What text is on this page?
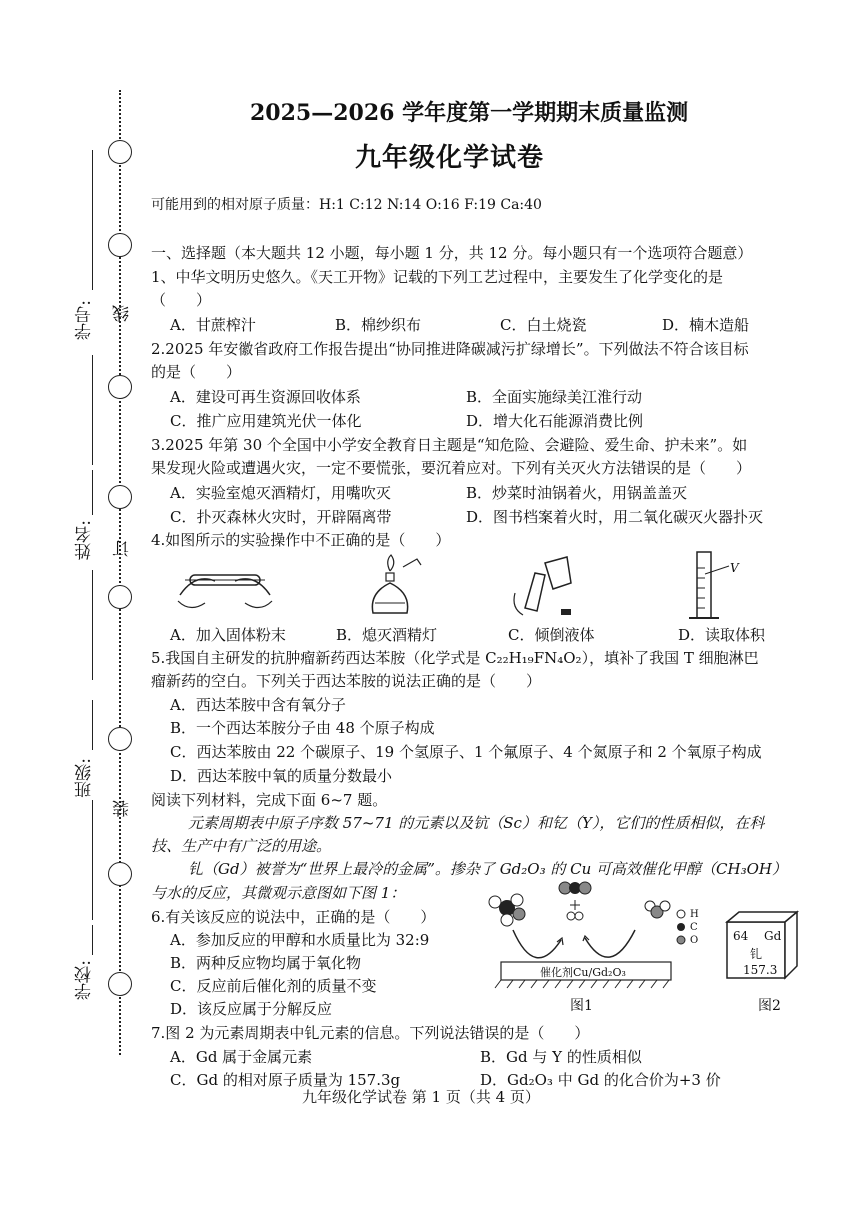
学号: 线
姓名: 订
班级:
装
学校:
2025—2026 学年度第一学期期末质量监测
九年级化学试卷
可能用到的相对原子质量：H:1 C:12 N:14 O:16 F:19 Ca:40
一、选择题（本大题共 12 小题，每小题 1 分，共 12 分。每小题只有一个选项符合题意）
1、中华文明历史悠久。《天工开物》记载的下列工艺过程中，主要发生了化学变化的是
（　　）
A．甘蔗榨汁	B．棉纱织布	C．白土烧瓷	D．楠木造船
2.2025 年安徽省政府工作报告提出“协同推进降碳减污扩绿增长”。下列做法不符合该目标
的是（　　）
A．建设可再生资源回收体系	B．全面实施绿美江淮行动
C．推广应用建筑光伏一体化	D．增大化石能源消费比例
3.2025 年第 30 个全国中小学安全教育日主题是“知危险、会避险、爱生命、护未来”。如
果发现火险或遭遇火灾，一定不要慌张，要沉着应对。下列有关灭火方法错误的是（　　）
A．实验室熄灭酒精灯，用嘴吹灭	B．炒菜时油锅着火，用锅盖盖灭
C．扑灭森林火灾时，开辟隔离带	D．图书档案着火时，用二氧化碳灭火器扑灭
4.如图所示的实验操作中不正确的是（　　）
V
A．加入固体粉末	B．熄灭酒精灯	C．倾倒液体	D．读取体积
5.我国自主研发的抗肿瘤新药西达苯胺（化学式是 C₂₂H₁₉FN₄O₂），填补了我国 T 细胞淋巴
瘤新药的空白。下列关于西达苯胺的说法正确的是（　　）
A．西达苯胺中含有氧分子
B．一个西达苯胺分子由 48 个原子构成
C．西达苯胺由 22 个碳原子、19 个氢原子、1 个氟原子、4 个氮原子和 2 个氧原子构成
D．西达苯胺中氧的质量分数最小
阅读下列材料，完成下面 6~7 题。
元素周期表中原子序数 57~71 的元素以及钪（Sc）和钇（Y），它们的性质相似，在科
技、生产中有广泛的用途。
钆（Gd）被誉为“世界上最冷的金属”。掺杂了 Gd₂O₃ 的 Cu 可高效催化甲醇（CH₃OH）
与水的反应，其微观示意图如下图 1：
6.有关该反应的说法中，正确的是（　　）
A．参加反应的甲醇和水质量比为 32:9
B．两种反应物均属于氧化物
C．反应前后催化剂的质量不变
D．该反应属于分解反应
催化剂Cu/Gd₂O₃
H
C
O
图1
64 Gd
钆
157.3
图2
7.图 2 为元素周期表中钆元素的信息。下列说法错误的是（　　）
A．Gd 属于金属元素	B．Gd 与 Y 的性质相似
C．Gd 的相对原子质量为 157.3g	D．Gd₂O₃ 中 Gd 的化合价为+3 价
九年级化学试卷 第 1 页（共 4 页）
